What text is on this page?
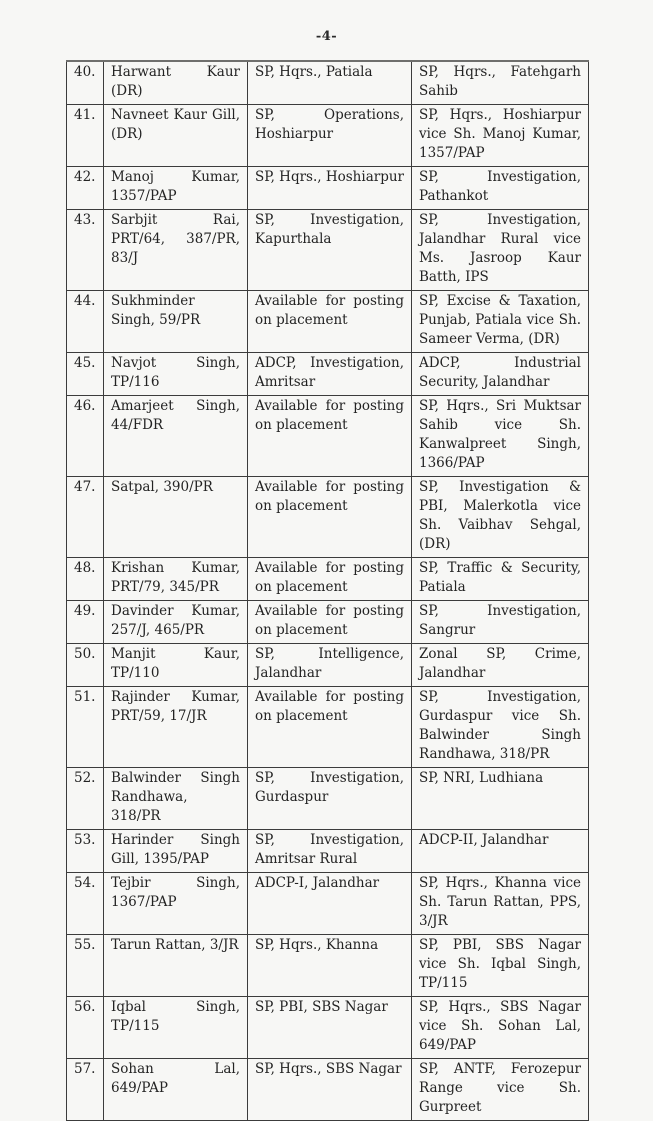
-4-
40.	Harwant Kaur (DR)	SP, Hqrs., Patiala	SP, Hqrs., Fatehgarh Sahib
41.	Navneet Kaur Gill, (DR)	SP, Operations, Hoshiarpur	SP, Hqrs., Hoshiarpur vice Sh. Manoj Kumar, 1357/PAP
42.	Manoj Kumar, 1357/PAP	SP, Hqrs., Hoshiarpur	SP, Investigation, Pathankot
43.	Sarbjit Rai, PRT/64, 387/PR, 83/J	SP, Investigation, Kapurthala	SP, Investigation, Jalandhar Rural vice Ms. Jasroop Kaur Batth, IPS
44.	Sukhminder Singh, 59/PR	Available for posting on placement	SP, Excise & Taxation, Punjab, Patiala vice Sh. Sameer Verma, (DR)
45.	Navjot Singh, TP/116	ADCP, Investigation, Amritsar	ADCP, Industrial Security, Jalandhar
46.	Amarjeet Singh, 44/FDR	Available for posting on placement	SP, Hqrs., Sri Muktsar Sahib vice Sh. Kanwalpreet Singh, 1366/PAP
47.	Satpal, 390/PR	Available for posting on placement	SP, Investigation & PBI, Malerkotla vice Sh. Vaibhav Sehgal, (DR)
48.	Krishan Kumar, PRT/79, 345/PR	Available for posting on placement	SP, Traffic & Security, Patiala
49.	Davinder Kumar, 257/J, 465/PR	Available for posting on placement	SP, Investigation, Sangrur
50.	Manjit Kaur, TP/110	SP, Intelligence, Jalandhar	Zonal SP, Crime, Jalandhar
51.	Rajinder Kumar, PRT/59, 17/JR	Available for posting on placement	SP, Investigation, Gurdaspur vice Sh. Balwinder Singh Randhawa, 318/PR
52.	Balwinder Singh Randhawa, 318/PR	SP, Investigation, Gurdaspur	SP, NRI, Ludhiana
53.	Harinder Singh Gill, 1395/PAP	SP, Investigation, Amritsar Rural	ADCP-II, Jalandhar
54.	Tejbir Singh, 1367/PAP	ADCP-I, Jalandhar	SP, Hqrs., Khanna vice Sh. Tarun Rattan, PPS, 3/JR
55.	Tarun Rattan, 3/JR	SP, Hqrs., Khanna	SP, PBI, SBS Nagar vice Sh. Iqbal Singh, TP/115
56.	Iqbal Singh, TP/115	SP, PBI, SBS Nagar	SP, Hqrs., SBS Nagar vice Sh. Sohan Lal, 649/PAP
57.	Sohan Lal, 649/PAP	SP, Hqrs., SBS Nagar	SP, ANTF, Ferozepur Range vice Sh. Gurpreet
